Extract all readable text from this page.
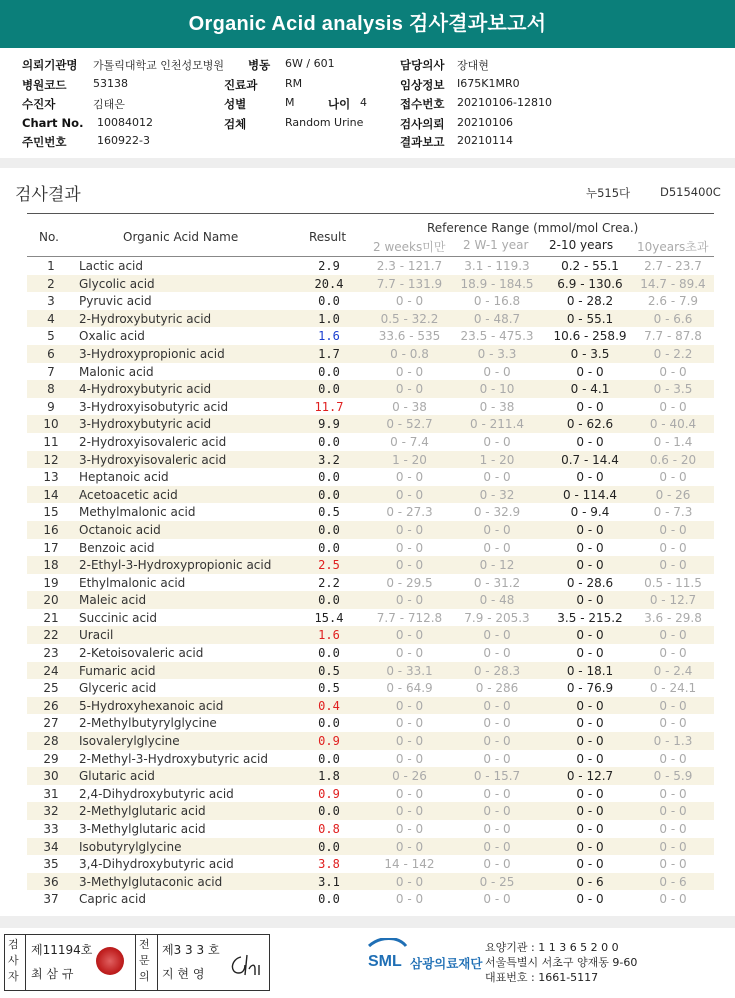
Organic Acid analysis 검사결과보고서
의뢰기관명 가톨릭대학교 인천성모병원 병동 6W / 601	담당의사 장대현
병원코드 53138	진료과	RM	임상정보 I675K1MR0
수진자	김태은	성별	M	나이 4	접수번호 20210106-12810
Chart No. 10084012	검체	Random Urine	검사의뢰 20210106
주민번호	160922-3	결과보고 20210114
검사결과	누515다	D515400C
No.	Organic Acid Name	Result
Reference Range (mmol/mol Crea.)
2 weeks미만 2 W-1 year 2-10 years 10years초과
1	Lactic acid	2.9	2.3 - 121.7	3.1 - 119.3	0.2 - 55.1	2.7 - 23.7
2	Glycolic acid	20.4	7.7 - 131.9	18.9 - 184.5	6.9 - 130.6	14.7 - 89.4
3	Pyruvic acid	0.0	0 - 0	0 - 16.8	0 - 28.2	2.6 - 7.9
4	2-Hydroxybutyric acid	1.0	0.5 - 32.2	0 - 48.7	0 - 55.1	0 - 6.6
5	Oxalic acid	1.6	33.6 - 535	23.5 - 475.3	10.6 - 258.9	7.7 - 87.8
6	3-Hydroxypropionic acid	1.7	0 - 0.8	0 - 3.3	0 - 3.5	0 - 2.2
7	Malonic acid	0.0	0 - 0	0 - 0	0 - 0	0 - 0
8	4-Hydroxybutyric acid	0.0	0 - 0	0 - 10	0 - 4.1	0 - 3.5
9	3-Hydroxyisobutyric acid	11.7	0 - 38	0 - 38	0 - 0	0 - 0
10	3-Hydroxybutyric acid	9.9	0 - 52.7	0 - 211.4	0 - 62.6	0 - 40.4
11	2-Hydroxyisovaleric acid	0.0	0 - 7.4	0 - 0	0 - 0	0 - 1.4
12	3-Hydroxyisovaleric acid	3.2	1 - 20	1 - 20	0.7 - 14.4	0.6 - 20
13	Heptanoic acid	0.0	0 - 0	0 - 0	0 - 0	0 - 0
14	Acetoacetic acid	0.0	0 - 0	0 - 32	0 - 114.4	0 - 26
15	Methylmalonic acid	0.5	0 - 27.3	0 - 32.9	0 - 9.4	0 - 7.3
16	Octanoic acid	0.0	0 - 0	0 - 0	0 - 0	0 - 0
17	Benzoic acid	0.0	0 - 0	0 - 0	0 - 0	0 - 0
18	2-Ethyl-3-Hydroxypropionic acid	2.5	0 - 0	0 - 12	0 - 0	0 - 0
19	Ethylmalonic acid	2.2	0 - 29.5	0 - 31.2	0 - 28.6	0.5 - 11.5
20	Maleic acid	0.0	0 - 0	0 - 48	0 - 0	0 - 12.7
21	Succinic acid	15.4	7.7 - 712.8	7.9 - 205.3	3.5 - 215.2	3.6 - 29.8
22	Uracil	1.6	0 - 0	0 - 0	0 - 0	0 - 0
23	2-Ketoisovaleric acid	0.0	0 - 0	0 - 0	0 - 0	0 - 0
24	Fumaric acid	0.5	0 - 33.1	0 - 28.3	0 - 18.1	0 - 2.4
25	Glyceric acid	0.5	0 - 64.9	0 - 286	0 - 76.9	0 - 24.1
26	5-Hydroxyhexanoic acid	0.4	0 - 0	0 - 0	0 - 0	0 - 0
27	2-Methylbutyrylglycine	0.0	0 - 0	0 - 0	0 - 0	0 - 0
28	Isovalerylglycine	0.9	0 - 0	0 - 0	0 - 0	0 - 1.3
29	2-Methyl-3-Hydroxybutyric acid	0.0	0 - 0	0 - 0	0 - 0	0 - 0
30	Glutaric acid	1.8	0 - 26	0 - 15.7	0 - 12.7	0 - 5.9
31	2,4-Dihydroxybutyric acid	0.9	0 - 0	0 - 0	0 - 0	0 - 0
32	2-Methylglutaric acid	0.0	0 - 0	0 - 0	0 - 0	0 - 0
33	3-Methylglutaric acid	0.8	0 - 0	0 - 0	0 - 0	0 - 0
34	Isobutyrylglycine	0.0	0 - 0	0 - 0	0 - 0	0 - 0
35	3,4-Dihydroxybutyric acid	3.8	14 - 142	0 - 0	0 - 0	0 - 0
36	3-Methylglutaconic acid	3.1	0 - 0	0 - 25	0 - 6	0 - 6
37	Capric acid	0.0	0 - 0	0 - 0	0 - 0	0 - 0
검사자
제11194호
최 삼 규
전문의
제3 3 3 호
지 현 영
SML 삼광의료재단
요양기관 : 1 1 3 6 5 2 0 0
서울특별시 서초구 양재동 9-60
대표번호 : 1661-5117
